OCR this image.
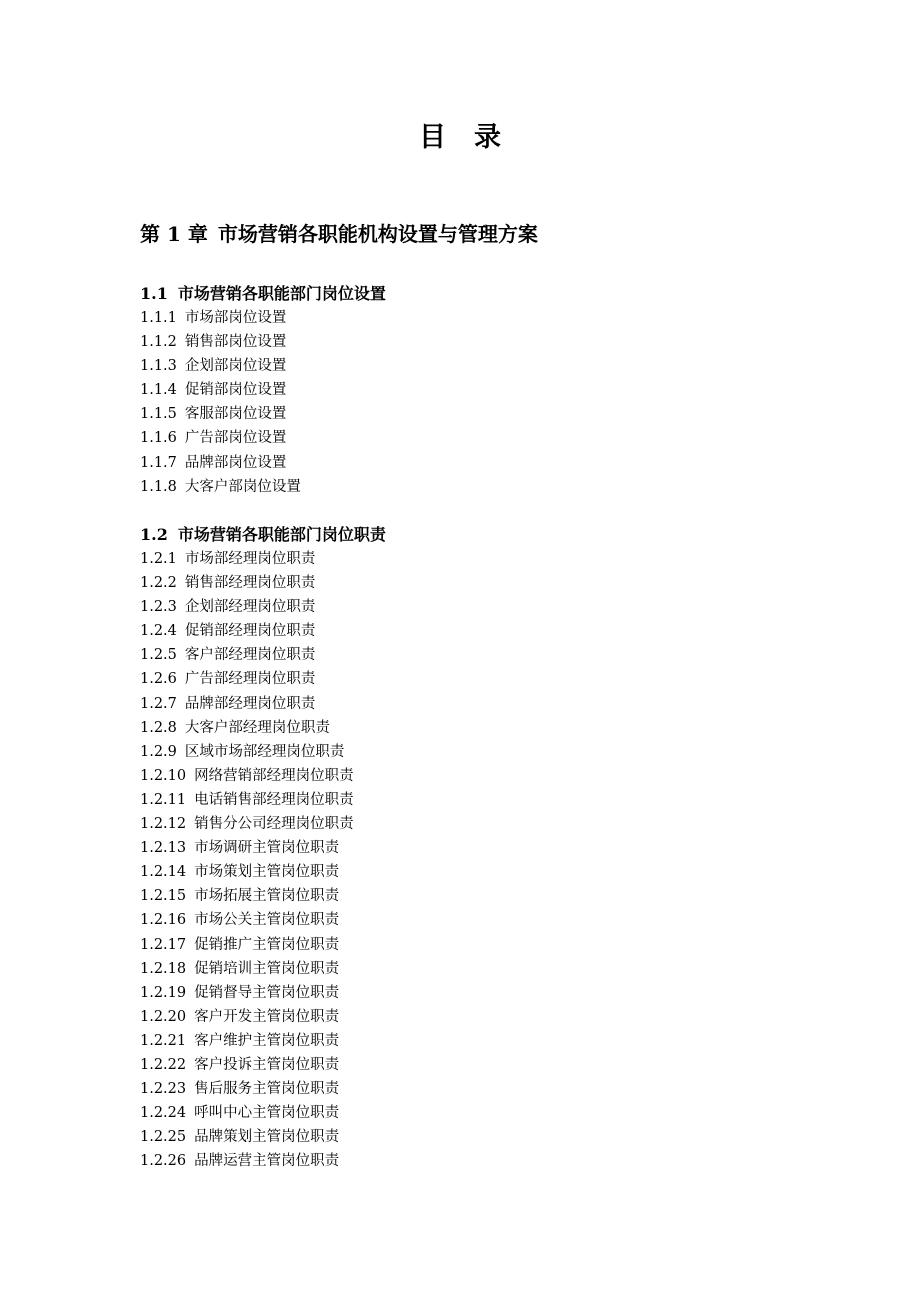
目录
第 1 章 市场营销各职能机构设置与管理方案
1.1 市场营销各职能部门岗位设置
1.1.1 市场部岗位设置
1.1.2 销售部岗位设置
1.1.3 企划部岗位设置
1.1.4 促销部岗位设置
1.1.5 客服部岗位设置
1.1.6 广告部岗位设置
1.1.7 品牌部岗位设置
1.1.8 大客户部岗位设置
1.2 市场营销各职能部门岗位职责
1.2.1 市场部经理岗位职责
1.2.2 销售部经理岗位职责
1.2.3 企划部经理岗位职责
1.2.4 促销部经理岗位职责
1.2.5 客户部经理岗位职责
1.2.6 广告部经理岗位职责
1.2.7 品牌部经理岗位职责
1.2.8 大客户部经理岗位职责
1.2.9 区域市场部经理岗位职责
1.2.10 网络营销部经理岗位职责
1.2.11 电话销售部经理岗位职责
1.2.12 销售分公司经理岗位职责
1.2.13 市场调研主管岗位职责
1.2.14 市场策划主管岗位职责
1.2.15 市场拓展主管岗位职责
1.2.16 市场公关主管岗位职责
1.2.17 促销推广主管岗位职责
1.2.18 促销培训主管岗位职责
1.2.19 促销督导主管岗位职责
1.2.20 客户开发主管岗位职责
1.2.21 客户维护主管岗位职责
1.2.22 客户投诉主管岗位职责
1.2.23 售后服务主管岗位职责
1.2.24 呼叫中心主管岗位职责
1.2.25 品牌策划主管岗位职责
1.2.26 品牌运营主管岗位职责
